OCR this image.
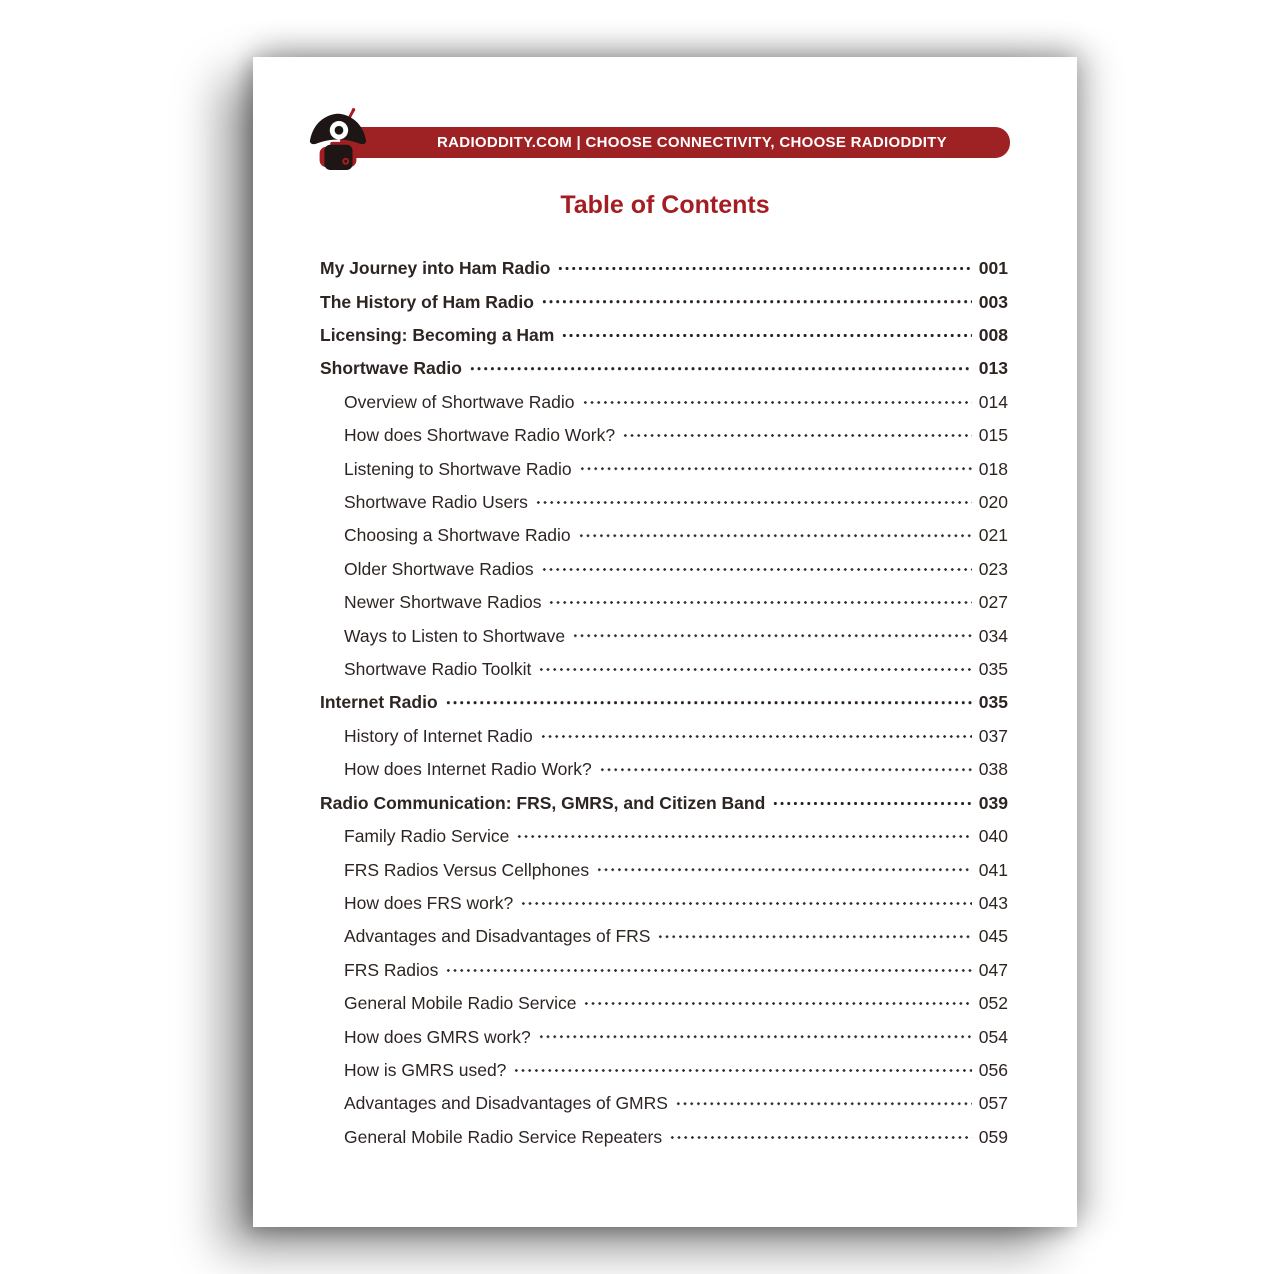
RADIODDITY.COM | CHOOSE CONNECTIVITY, CHOOSE RADIODDITY
Table of Contents
My Journey into Ham Radio	001
The History of Ham Radio	003
Licensing: Becoming a Ham	008
Shortwave Radio	013
Overview of Shortwave Radio	014
How does Shortwave Radio Work?	015
Listening to Shortwave Radio	018
Shortwave Radio Users	020
Choosing a Shortwave Radio	021
Older Shortwave Radios	023
Newer Shortwave Radios	027
Ways to Listen to Shortwave	034
Shortwave Radio Toolkit	035
Internet Radio	035
History of Internet Radio	037
How does Internet Radio Work?	038
Radio Communication: FRS, GMRS, and Citizen Band	039
Family Radio Service	040
FRS Radios Versus Cellphones	041
How does FRS work?	043
Advantages and Disadvantages of FRS	045
FRS Radios	047
General Mobile Radio Service	052
How does GMRS work?	054
How is GMRS used?	056
Advantages and Disadvantages of GMRS	057
General Mobile Radio Service Repeaters	059
